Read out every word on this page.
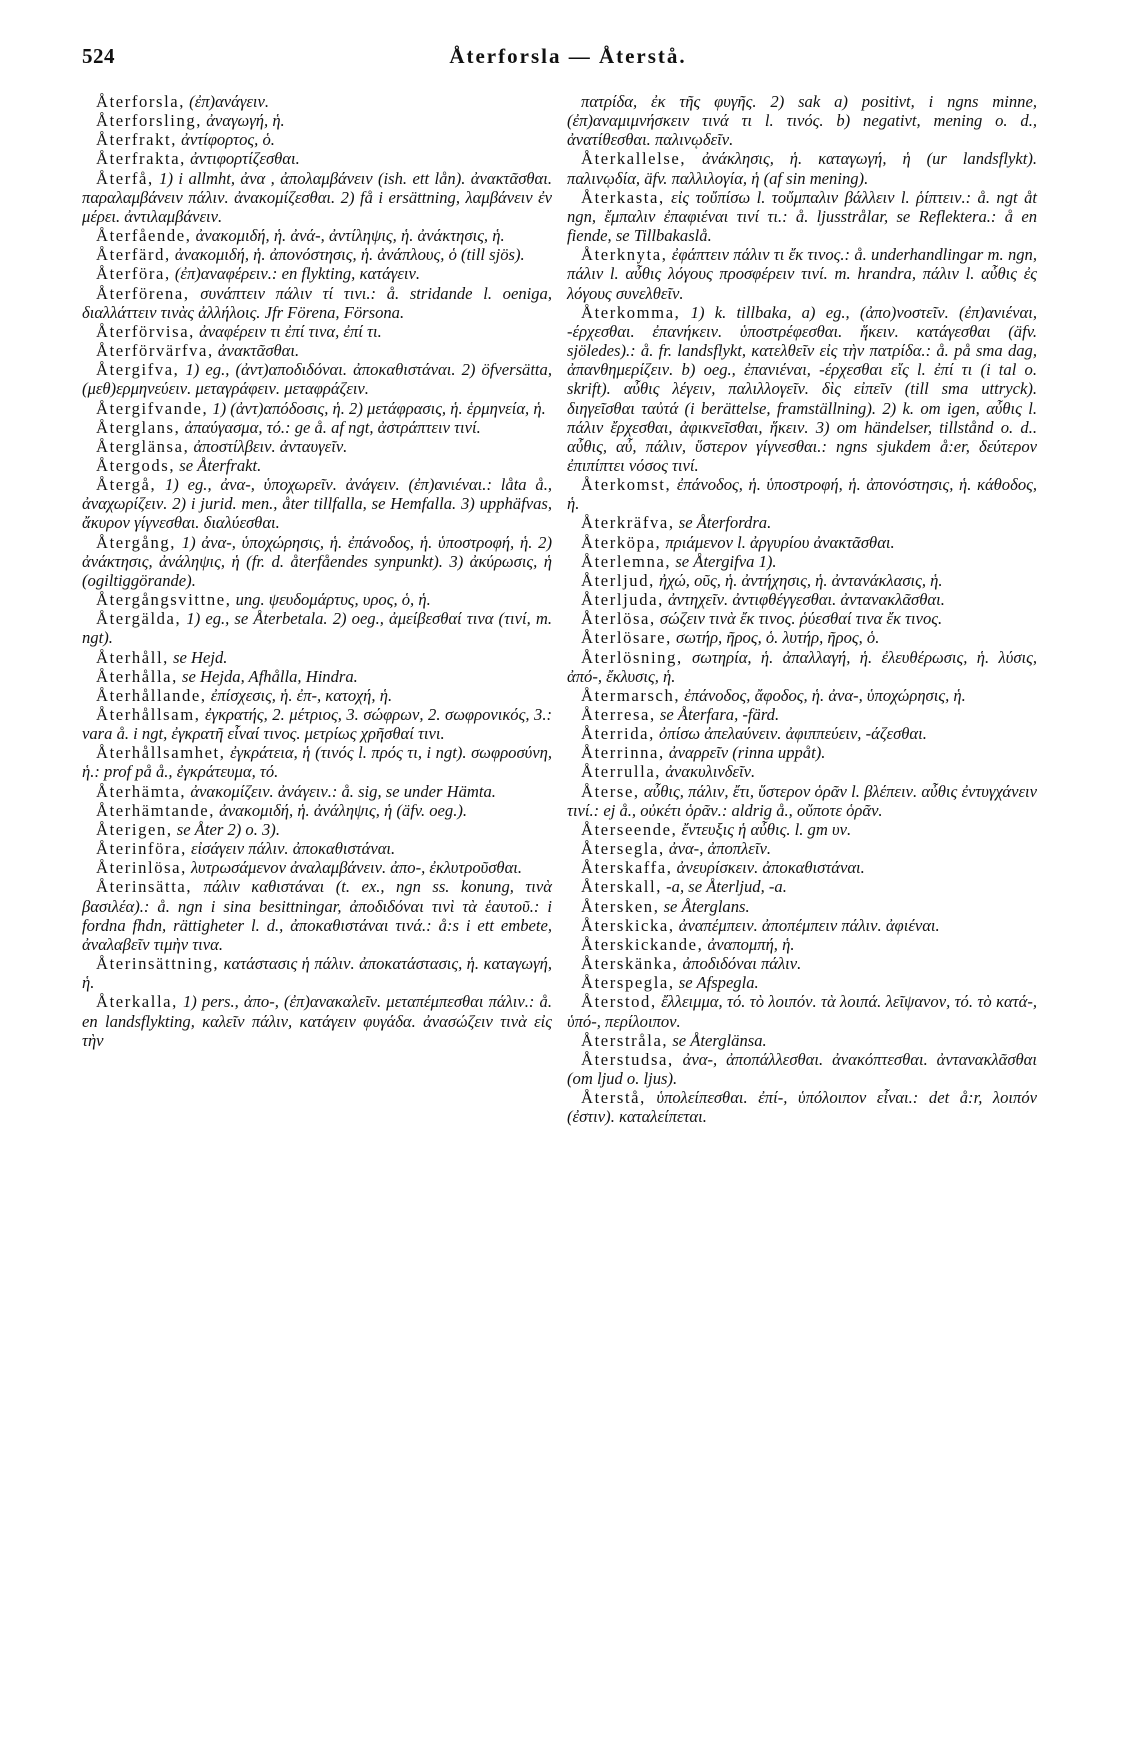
524	Återforsla — Återstå.

Återforsla, (ἐπ)ανάγειν.

Återforsling, ἀναγωγή, ἡ.

Återfrakt, ἀντίφορτος, ὁ.

Återfrakta, ἀντιφορτίζεσθαι.

Återfå, 1) i allmht, ἀνα , ἀπολαμβάνειν (ish. ett lån). ἀνακτᾶσθαι. παραλαμβάνειν πάλιν. ἀνακομίζεσθαι. 2) få i ersättning, λαμβάνειν ἐν μέρει. ἀντιλαμβάνειν.

Återfående, ἀνακομιδή, ἡ. ἀνά-, ἀντίληψις, ἡ. ἀνάκτησις, ἡ.

Återfärd, ἀνακομιδή, ἡ. ἀπονόστησις, ἡ. ἀνάπλους, ὁ (till sjös).

Återföra, (ἐπ)αναφέρειν.: en flykting, κατάγειν.

Återförena, συνάπτειν πάλιν τί τινι.: å. stridande l. oeniga, διαλλάττειν τινὰς ἀλλήλοις. Jfr Förena, Försona.

Återförvisa, ἀναφέρειν τι ἐπί τινα, ἐπί τι.

Återförvärfva, ἀνακτᾶσθαι.

Återgifva, 1) eg., (ἀντ)αποδιδόναι. ἀποκαθιστάναι. 2) öfversätta, (μεθ)ερμηνεύειν. μεταγράφειν. μεταφράζειν.

Återgifvande, 1) (ἀντ)απόδοσις, ἡ. 2) μετάφρασις, ἡ. ἑρμηνεία, ἡ.

Återglans, ἀπαύγασμα, τό.: ge å. af ngt, ἀστράπτειν τινί.

Återglänsa, ἀποστίλβειν. ἀνταυγεῖν.

Återgods, se Återfrakt.

Återgå, 1) eg., ἀνα-, ὑποχωρεῖν. ἀνάγειν. (ἐπ)ανιέναι.: låta å., ἀναχωρίζειν. 2) i jurid. men., åter tillfalla, se Hemfalla. 3) upphäfvas, ἄκυρον γίγνεσθαι. διαλύεσθαι.

Återgång, 1) ἀνα-, ὑποχώρησις, ἡ. ἐπάνοδος, ἡ. ὑποστροφή, ἡ. 2) ἀνάκτησις, ἀνάληψις, ἡ (fr. d. återfåendes synpunkt). 3) ἀκύρωσις, ἡ (ogiltiggörande).

Återgångsvittne, ung. ψευδομάρτυς, υρος, ὁ, ἡ.

Återgälda, 1) eg., se Återbetala. 2) oeg., ἀμείβεσθαί τινα (τινί, m. ngt).

Återhåll, se Hejd.

Återhålla, se Hejda, Afhålla, Hindra.

Återhållande, ἐπίσχεσις, ἡ. ἐπ-, κατοχή, ἡ.

Återhållsam, ἐγκρατής, 2. μέτριος, 3. σώφρων, 2. σωφρονικός, 3.: vara å. i ngt, ἐγκρατῆ εἶναί τινος. μετρίως χρῆσθαί τινι.

Återhållsamhet, ἐγκράτεια, ἡ (τινός l. πρός τι, i ngt). σωφροσύνη, ἡ.: prof på å., ἐγκράτευμα, τό.

Återhämta, ἀνακομίζειν. ἀνάγειν.: å. sig, se under Hämta.

Återhämtande, ἀνακομιδή, ἡ. ἀνάληψις, ἡ (äfv. oeg.).

Återigen, se Åter 2) o. 3).

Återinföra, εἰσάγειν πάλιν. ἀποκαθιστάναι.

Återinlösa, λυτρωσάμενον ἀναλαμβάνειν. ἀπο-, ἐκλυτροῦσθαι.

Återinsätta, πάλιν καθιστάναι (t. ex., ngn ss. konung, τινὰ βασιλέα).: å. ngn i sina besittningar, ἀποδιδόναι τινὶ τὰ ἑαυτοῦ.: i fordna fhdn, rättigheter l. d., ἀποκαθιστάναι τινά.: å:s i ett embete, ἀναλαβεῖν τιμὴν τινα.

Återinsättning, κατάστασις ἡ πάλιν. ἀποκατάστασις, ἡ. καταγωγή, ἡ.

Återkalla, 1) pers., ἀπο-, (ἐπ)ανακαλεῖν. μεταπέμπεσθαι πάλιν.: å. en landsflykting, καλεῖν πάλιν, κατάγειν φυγάδα. ἀνασώζειν τινὰ εἰς τὴν

πατρίδα, ἐκ τῆς φυγῆς. 2) sak a) positivt, i ngns minne, (ἐπ)αναμιμνήσκειν τινά τι l. τινός. b) negativt, mening o. d., ἀνατίθεσθαι. παλινῳδεῖν.

Återkallelse, ἀνάκλησις, ἡ. καταγωγή, ἡ (ur landsflykt). παλινῳδία, äfv. παλλιλογία, ἡ (af sin mening).

Återkasta, εἰς τοὔπίσω l. τοὔμπαλιν βάλλειν l. ῥίπτειν.: å. ngt åt ngn, ἔμπαλιν ἐπαφιέναι τινί τι.: å. ljusstrålar, se Reflektera.: å en fiende, se Tillbakaslå.

Återknyta, ἐφάπτειν πάλιν τι ἔκ τινος.: å. underhandlingar m. ngn, πάλιν l. αὖθις λόγους προσφέρειν τινί. m. hrandra, πάλιν l. αὖθις ἐς λόγους συνελθεῖν.

Återkomma, 1) k. tillbaka, a) eg., (ἀπο)νοστεῖν. (ἐπ)ανιέναι, -έρχεσθαι. ἐπανήκειν. ὑποστρέφεσθαι. ἥκειν. κατάγεσθαι (äfv. sjöledes).: å. fr. landsflykt, κατελθεῖν εἰς τὴν πατρίδα.: å. på sma dag, ἀπανθημερίζειν. b) oeg., ἐπανιέναι, -έρχεσθαι εἴς l. ἐπί τι (i tal o. skrift). αὖθις λέγειν, παλιλλογεῖν. δὶς εἰπεῖν (till sma uttryck). διηγεῖσθαι ταὐτά (i berättelse, framställning). 2) k. om igen, αὖθις l. πάλιν ἔρχεσθαι, ἀφικνεῖσθαι, ἥκειν. 3) om händelser, tillstånd o. d.. αὖθις, αὖ, πάλιν, ὕστερον γίγνεσθαι.: ngns sjukdem å:er, δεύτερον ἐπιπίπτει νόσος τινί.

Återkomst, ἐπάνοδος, ἡ. ὑποστροφή, ἡ. ἀπονόστησις, ἡ. κάθοδος, ἡ.

Återkräfva, se Återfordra.

Återköpa, πριάμενον l. ἀργυρίου ἀνακτᾶσθαι.

Återlemna, se Återgifva 1).

Återljud, ἠχώ, οῦς, ἡ. ἀντήχησις, ἡ. ἀντανάκλασις, ἡ.

Återljuda, ἀντηχεῖν. ἀντιφθέγγεσθαι. ἀντανακλᾶσθαι.

Återlösa, σώζειν τινὰ ἔκ τινος. ῥύεσθαί τινα ἔκ τινος.

Återlösare, σωτήρ, ῆρος, ὁ. λυτήρ, ῆρος, ὁ.

Återlösning, σωτηρία, ἡ. ἀπαλλαγή, ἡ. ἐλευθέρωσις, ἡ. λύσις, ἀπό-, ἔκλυσις, ἡ.

Återmarsch, ἐπάνοδος, ἄφοδος, ἡ. ἀνα-, ὑποχώρησις, ἡ.

Återresa, se Återfara, -färd.

Återrida, ὀπίσω ἀπελαύνειν. ἀφιππεύειν, -άζεσθαι.

Återrinna, ἀναρρεῖν (rinna uppåt).

Återrulla, ἀνακυλινδεῖν.

Återse, αὖθις, πάλιν, ἔτι, ὕστερον ὁρᾶν l. βλέπειν. αὖθις ἐντυγχάνειν τινί.: ej å., οὐκέτι ὁρᾶν.: aldrig å., οὔποτε ὁρᾶν.

Återseende, ἔντευξις ἡ αὖθις. l. gm υν.

Återsegla, ἀνα-, ἀποπλεῖν.

Återskaffa, ἀνευρίσκειν. ἀποκαθιστάναι.

Återskall, -a, se Återljud, -a.

Återsken, se Återglans.

Återskicka, ἀναπέμπειν. ἀποπέμπειν πάλιν. ἀφιέναι.

Återskickande, ἀναπομπή, ἡ.

Återskänka, ἀποδιδόναι πάλιν.

Återspegla, se Afspegla.

Återstod, ἔλλειμμα, τό. τὸ λοιπόν. τὰ λοιπά. λεῖψανον, τό. τὸ κατά-, ὑπό-, περίλοιπον.

Återstråla, se Återglänsa.

Återstudsa, ἀνα-, ἀποπάλλεσθαι. ἀνακόπτεσθαι. ἀντανακλᾶσθαι (om ljud o. ljus).

Återstå, ὑπολείπεσθαι. ἐπί-, ὑπόλοιπον εἶναι.: det å:r, λοιπόν (ἐστιν). καταλείπεται.
